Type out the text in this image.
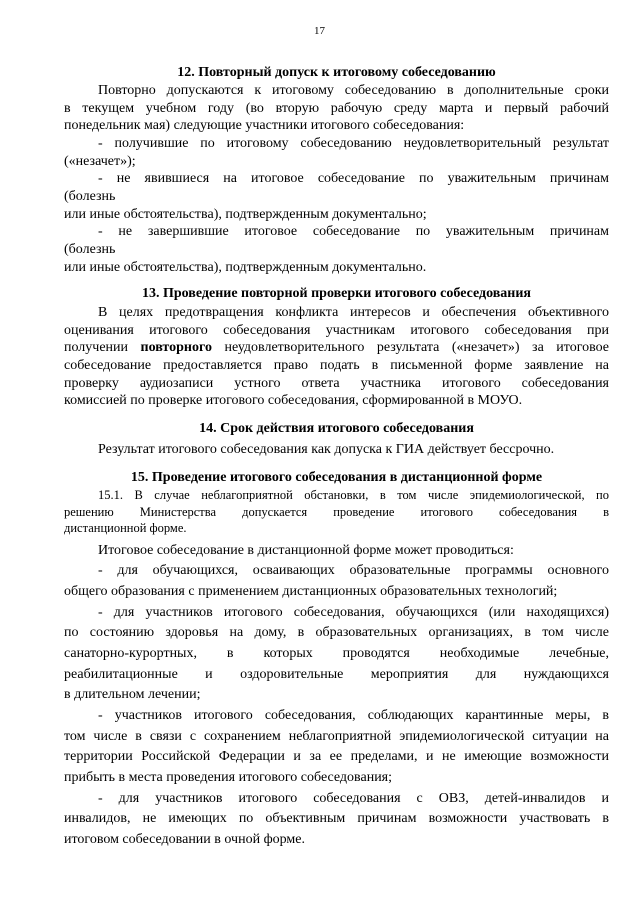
17
12. Повторный допуск к итоговому собеседованию
Повторно допускаются к итоговому собеседованию в дополнительные сроки
в текущем учебном году (во вторую рабочую среду марта и первый рабочий
понедельник мая) следующие участники итогового собеседования:
- получившие по итоговому собеседованию неудовлетворительный результат
(«незачет»);
- не явившиеся на итоговое собеседование по уважительным причинам
(болезнь
или иные обстоятельства), подтвержденным документально;
- не завершившие итоговое собеседование по уважительным причинам
(болезнь
или иные обстоятельства), подтвержденным документально.
13. Проведение повторной проверки итогового собеседования
В целях предотвращения конфликта интересов и обеспечения объективного
оценивания итогового собеседования участникам итогового собеседования при
получении повторного неудовлетворительного результата («незачет») за итоговое
собеседование предоставляется право подать в письменной форме заявление на
проверку аудиозаписи устного ответа участника итогового собеседования
комиссией по проверке итогового собеседования, сформированной в МОУО.
14. Срок действия итогового собеседования
Результат итогового собеседования как допуска к ГИА действует бессрочно.
15. Проведение итогового собеседования в дистанционной форме
15.1. В случае неблагоприятной обстановки, в том числе эпидемиологической, по
решению Министерства допускается проведение итогового собеседования в
дистанционной форме.
Итоговое собеседование в дистанционной форме может проводиться:
- для обучающихся, осваивающих образовательные программы основного
общего образования с применением дистанционных образовательных технологий;
- для участников итогового собеседования, обучающихся (или находящихся)
по состоянию здоровья на дому, в образовательных организациях, в том числе
санаторно-курортных, в которых проводятся необходимые лечебные,
реабилитационные и оздоровительные мероприятия для нуждающихся
в длительном лечении;
- участников итогового собеседования, соблюдающих карантинные меры, в
том числе в связи с сохранением неблагоприятной эпидемиологической ситуации на
территории Российской Федерации и за ее пределами, и не имеющие возможности
прибыть в места проведения итогового собеседования;
- для участников итогового собеседования с ОВЗ, детей-инвалидов и
инвалидов, не имеющих по объективным причинам возможности участвовать в
итоговом собеседовании в очной форме.
